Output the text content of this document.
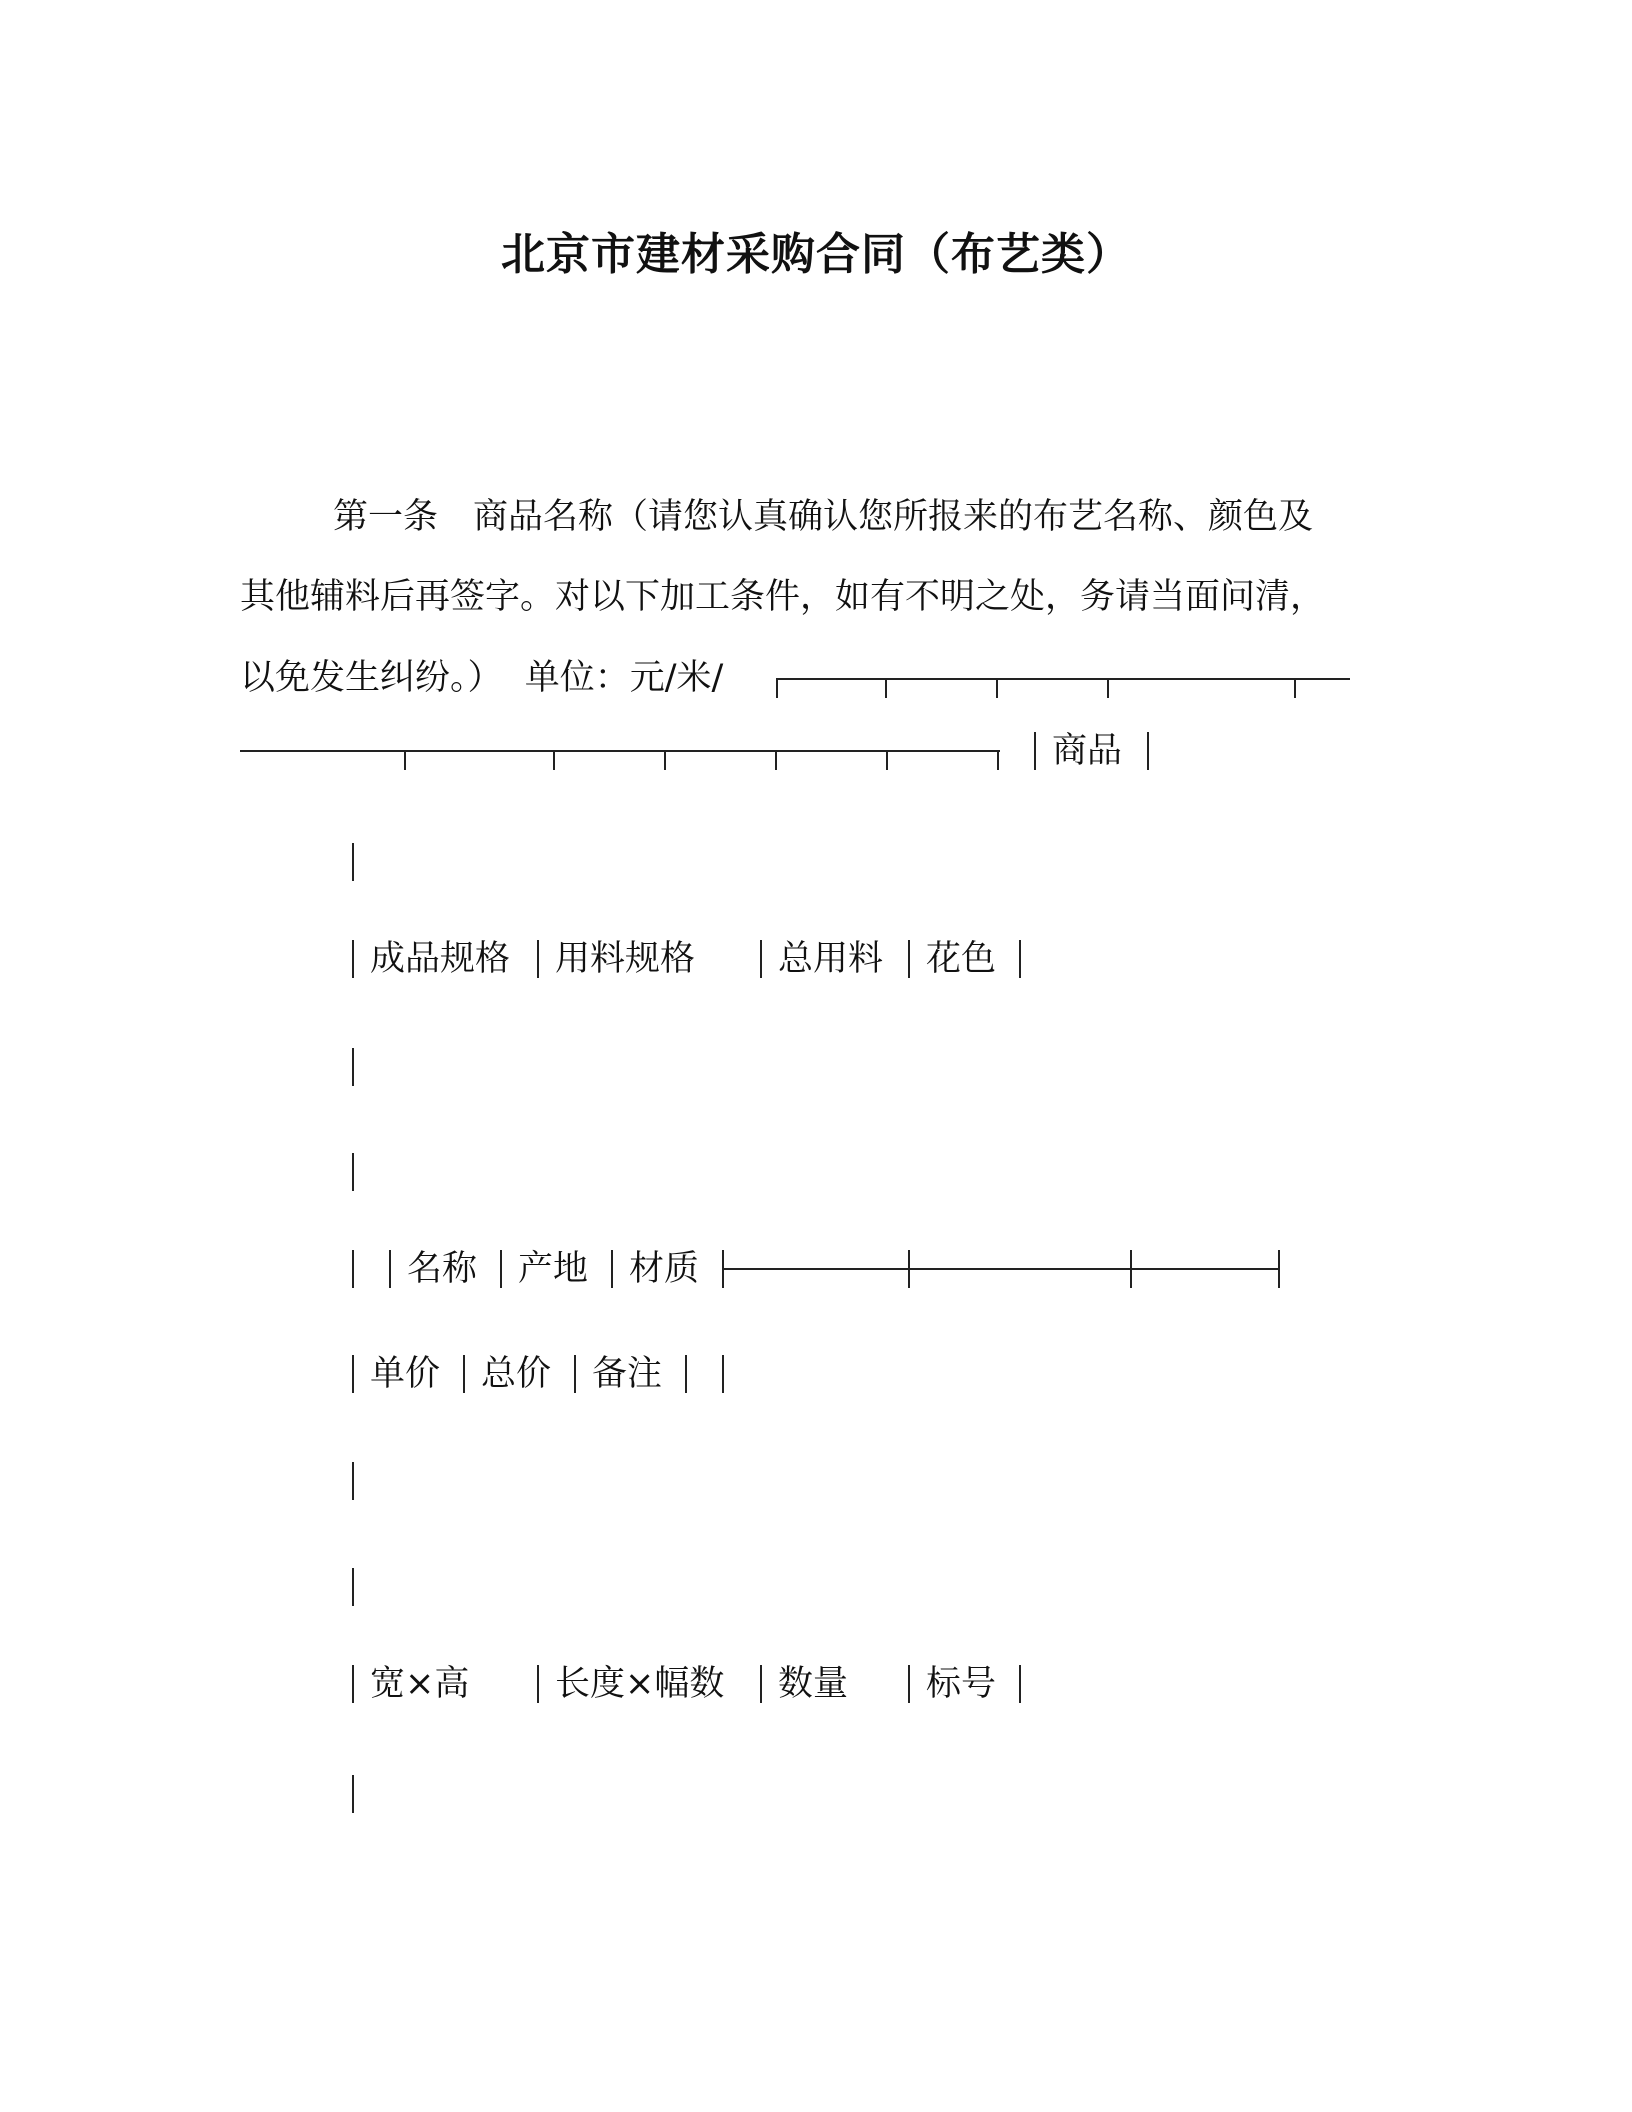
北京市建材采购合同（布艺类）
第一条　商品名称（请您认真确认您所报来的布艺名称、颜色及
其他辅料后再签字。对以下加工条件，如有不明之处，务请当面问清，
以免发生纠纷。）  单位：元/米/
商品
成品规格 用料规格 总用料 花色
名称 产地 材质
单价 总价 备注
宽×高 长度×幅数 数量 标号
